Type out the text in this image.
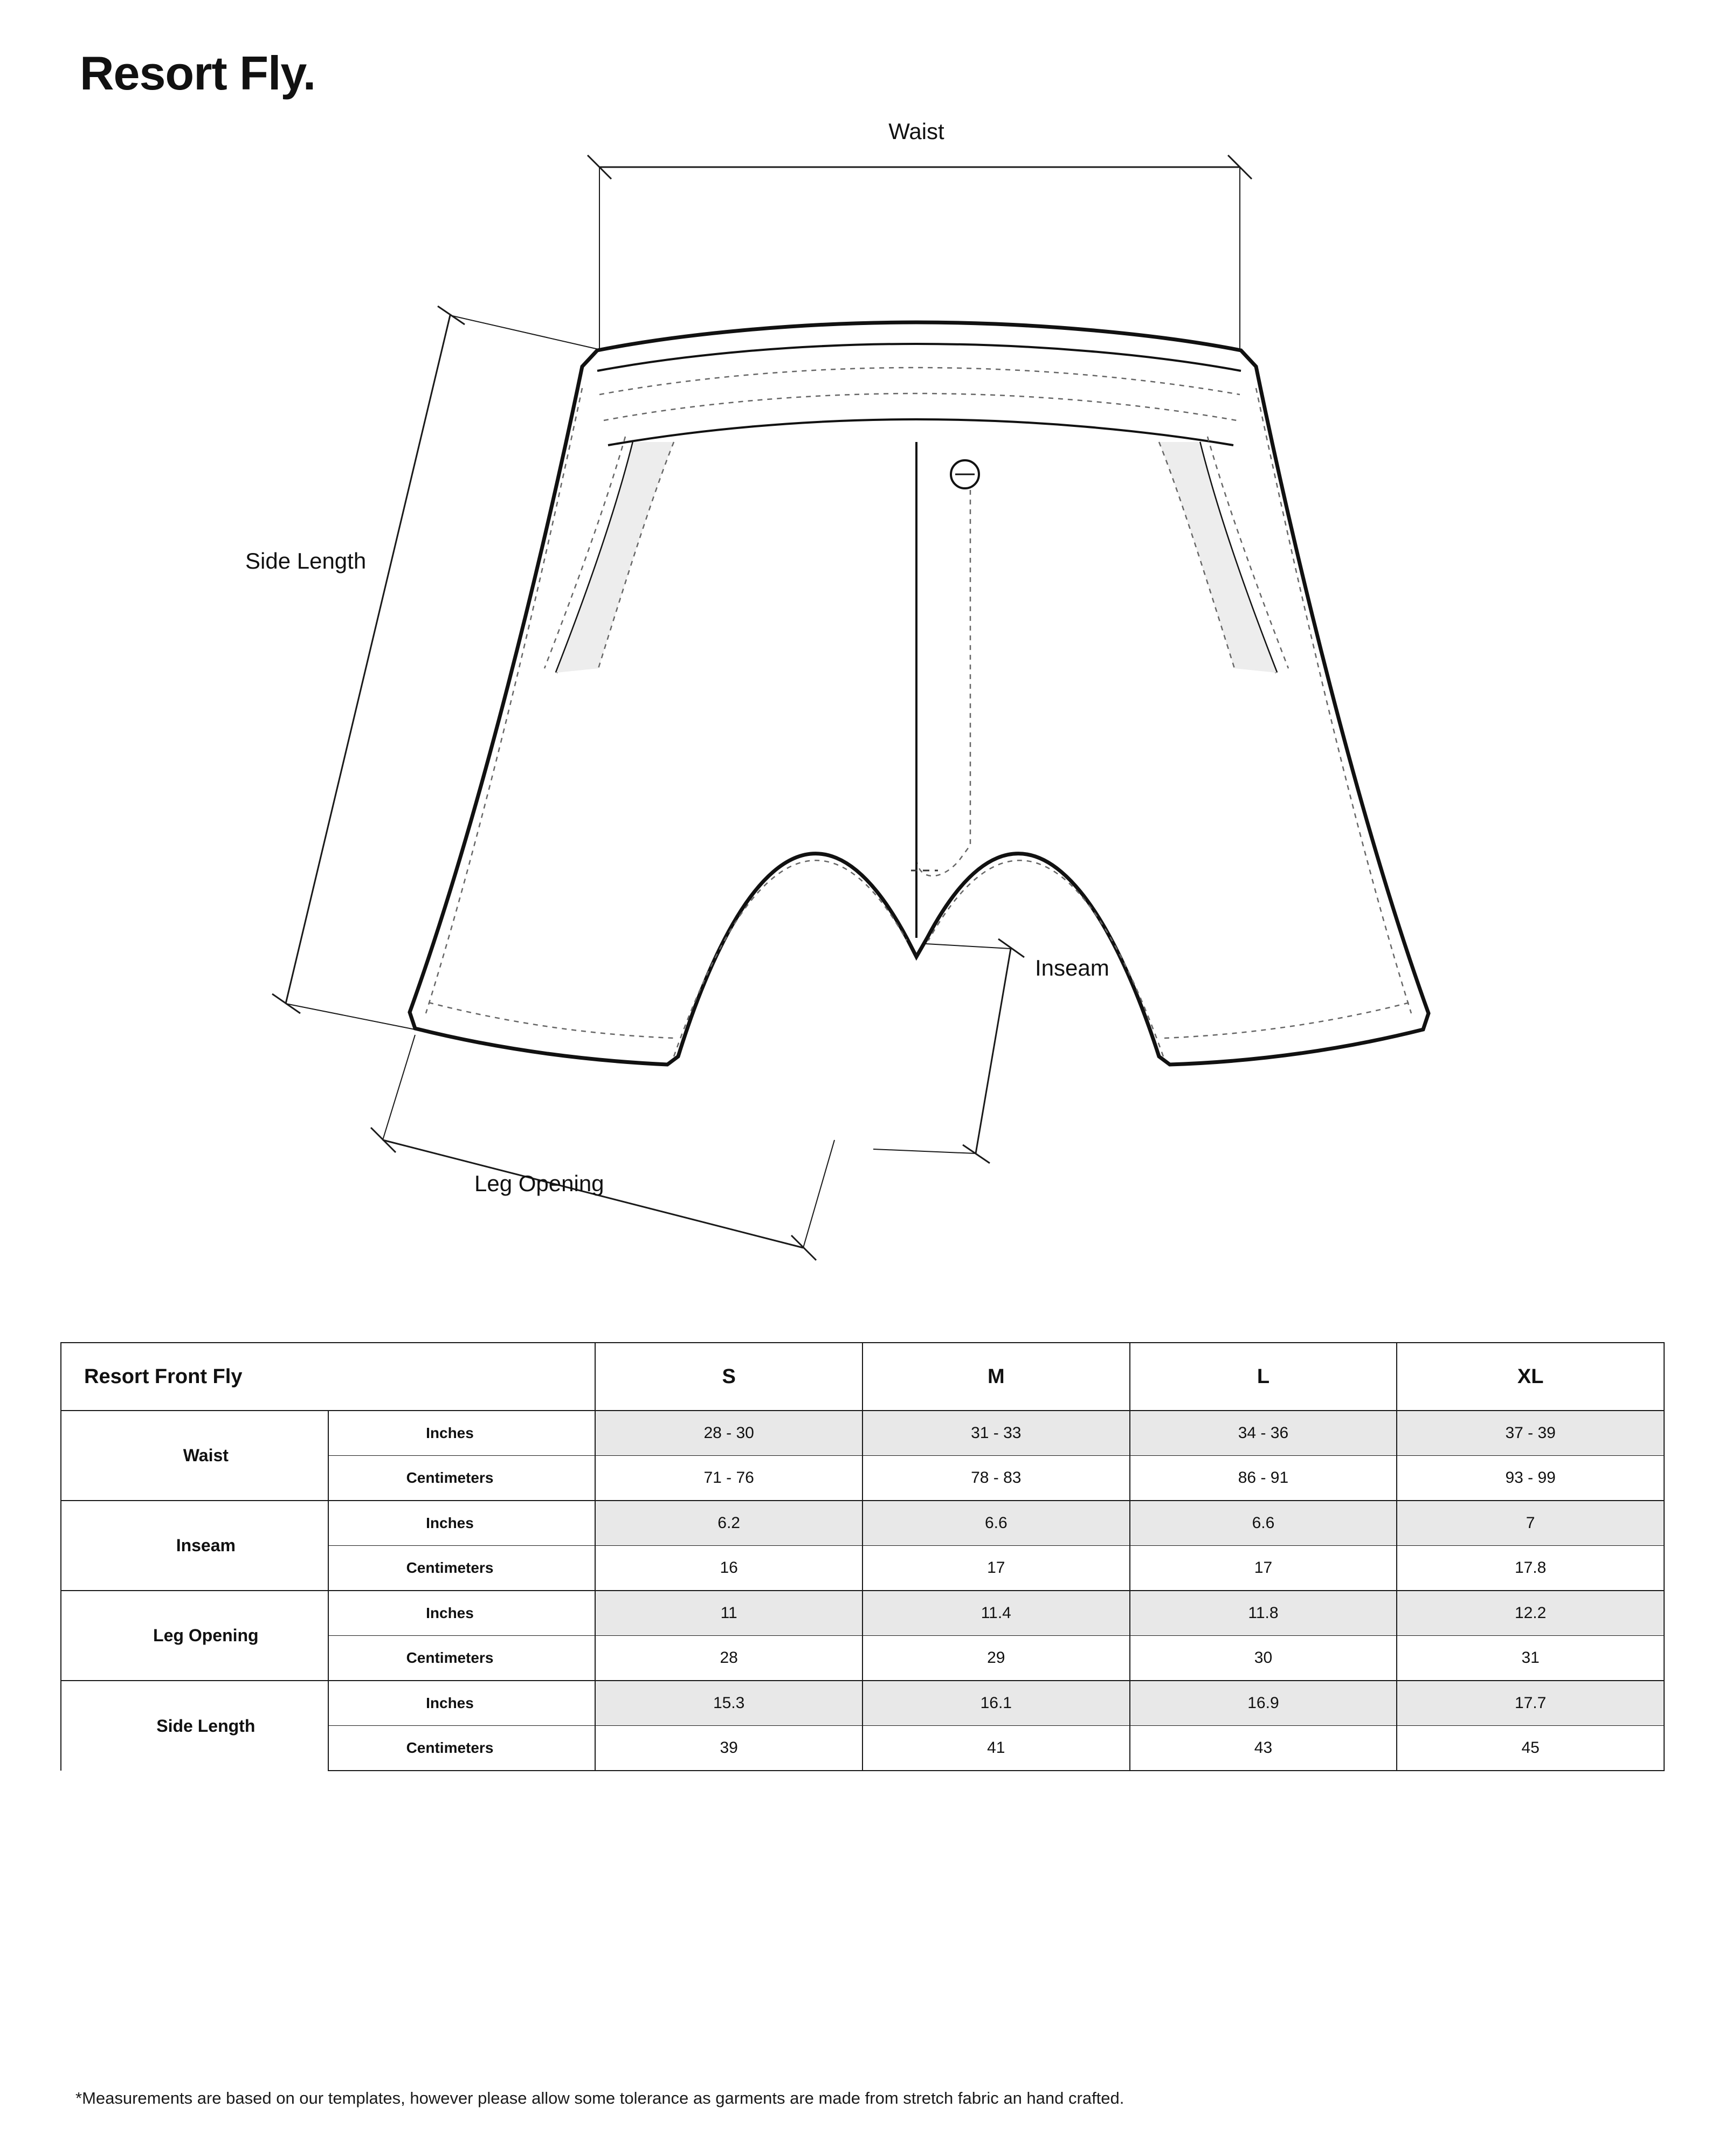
Resort Fly.
Waist
Side Length
Inseam
Leg Opening
Resort Front Fly		S	M	L	XL
Waist	Inches	28 - 30	31 - 33	34 - 36	37 - 39
	Centimeters	71 - 76	78 - 83	86 - 91	93 - 99
Inseam	Inches	6.2	6.6	6.6	7
	Centimeters	16	17	17	17.8
Leg Opening	Inches	11	11.4	11.8	12.2
	Centimeters	28	29	30	31
Side Length	Inches	15.3	16.1	16.9	17.7
	Centimeters	39	41	43	45
*Measurements are based on our templates, however please allow some tolerance as garments are made from stretch fabric an hand crafted.
